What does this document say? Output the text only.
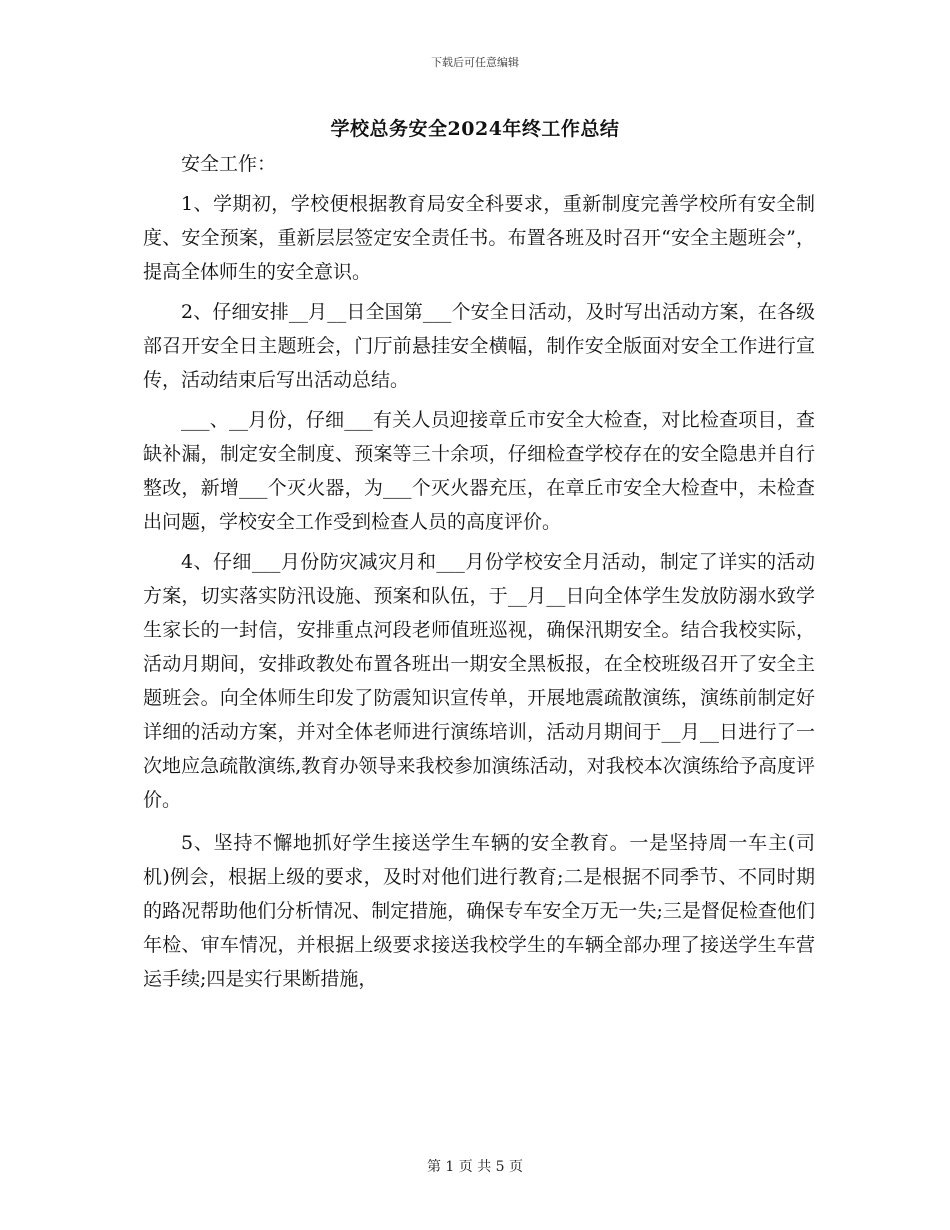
下载后可任意编辑
学校总务安全2024年终工作总结

安全工作：

1、学期初，学校便根据教育局安全科要求，重新制度完善学校所有安全制度、安全预案，重新层层签定安全责任书。布置各班及时召开“安全主题班会”，提高全体师生的安全意识。

2、仔细安排__月__日全国第___个安全日活动，及时写出活动方案，在各级部召开安全日主题班会，门厅前悬挂安全横幅，制作安全版面对安全工作进行宣传，活动结束后写出活动总结。

___、__月份，仔细___有关人员迎接章丘市安全大检查，对比检查项目，查缺补漏，制定安全制度、预案等三十余项，仔细检查学校存在的安全隐患并自行整改，新增___个灭火器，为___个灭火器充压，在章丘市安全大检查中，未检查出问题，学校安全工作受到检查人员的高度评价。

4、仔细___月份防灾减灾月和___月份学校安全月活动，制定了详实的活动方案，切实落实防汛设施、预案和队伍，于__月__日向全体学生发放防溺水致学生家长的一封信，安排重点河段老师值班巡视，确保汛期安全。结合我校实际，活动月期间，安排政教处布置各班出一期安全黑板报，在全校班级召开了安全主题班会。向全体师生印发了防震知识宣传单，开展地震疏散演练，演练前制定好详细的活动方案，并对全体老师进行演练培训，活动月期间于__月__日进行了一次地应急疏散演练,教育办领导来我校参加演练活动，对我校本次演练给予高度评价。

5、坚持不懈地抓好学生接送学生车辆的安全教育。一是坚持周一车主(司机)例会，根据上级的要求，及时对他们进行教育;二是根据不同季节、不同时期的路况帮助他们分析情况、制定措施，确保专车安全万无一失;三是督促检查他们年检、审车情况，并根据上级要求接送我校学生的车辆全部办理了接送学生车营运手续;四是实行果断措施，

第 1 页 共 5 页
